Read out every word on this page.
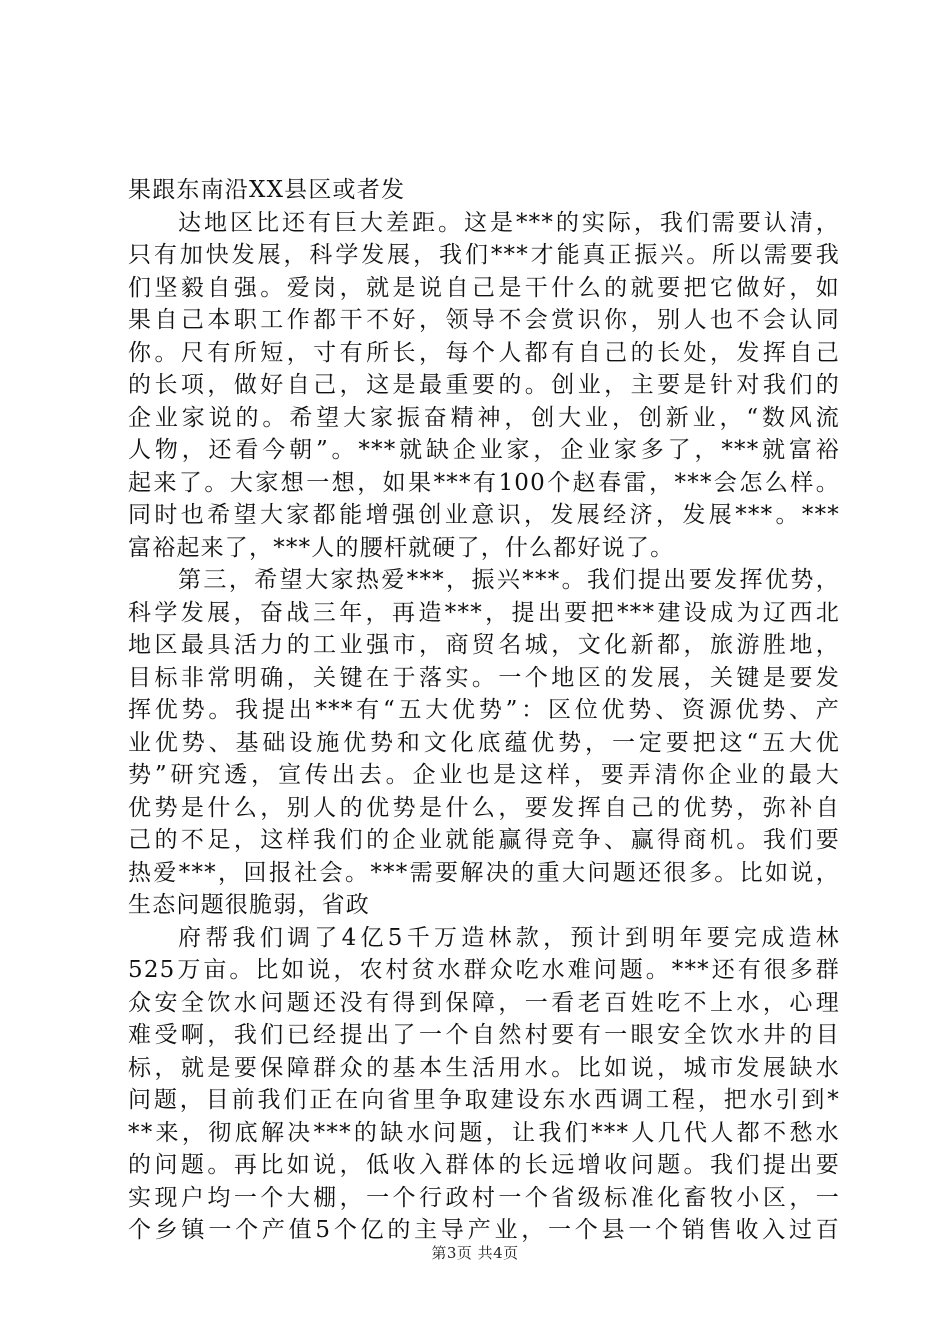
果跟东南沿XX县区或者发
达地区比还有巨大差距。这是***的实际，我们需要认清，
只有加快发展，科学发展，我们***才能真正振兴。所以需要我
们坚毅自强。爱岗，就是说自己是干什么的就要把它做好，如
果自己本职工作都干不好，领导不会赏识你，别人也不会认同
你。尺有所短，寸有所长，每个人都有自己的长处，发挥自己
的长项，做好自己，这是最重要的。创业，主要是针对我们的
企业家说的。希望大家振奋精神，创大业，创新业，“数风流
人物，还看今朝”。***就缺企业家，企业家多了，***就富裕
起来了。大家想一想，如果***有100个赵春雷，***会怎么样。
同时也希望大家都能增强创业意识，发展经济，发展***。***
富裕起来了，***人的腰杆就硬了，什么都好说了。
第三，希望大家热爱***，振兴***。我们提出要发挥优势，
科学发展，奋战三年，再造***，提出要把***建设成为辽西北
地区最具活力的工业强市，商贸名城，文化新都，旅游胜地，
目标非常明确，关键在于落实。一个地区的发展，关键是要发
挥优势。我提出***有“五大优势”：区位优势、资源优势、产
业优势、基础设施优势和文化底蕴优势，一定要把这“五大优
势”研究透，宣传出去。企业也是这样，要弄清你企业的最大
优势是什么，别人的优势是什么，要发挥自己的优势，弥补自
己的不足，这样我们的企业就能赢得竞争、赢得商机。我们要
热爱***，回报社会。***需要解决的重大问题还很多。比如说，
生态问题很脆弱，省政
府帮我们调了4亿5千万造林款，预计到明年要完成造林
525万亩。比如说，农村贫水群众吃水难问题。***还有很多群
众安全饮水问题还没有得到保障，一看老百姓吃不上水，心理
难受啊，我们已经提出了一个自然村要有一眼安全饮水井的目
标，就是要保障群众的基本生活用水。比如说，城市发展缺水
问题，目前我们正在向省里争取建设东水西调工程，把水引到*
**来，彻底解决***的缺水问题，让我们***人几代人都不愁水
的问题。再比如说，低收入群体的长远增收问题。我们提出要
实现户均一个大棚，一个行政村一个省级标准化畜牧小区，一
个乡镇一个产值5个亿的主导产业，一个县一个销售收入过百
第3页 共4页
